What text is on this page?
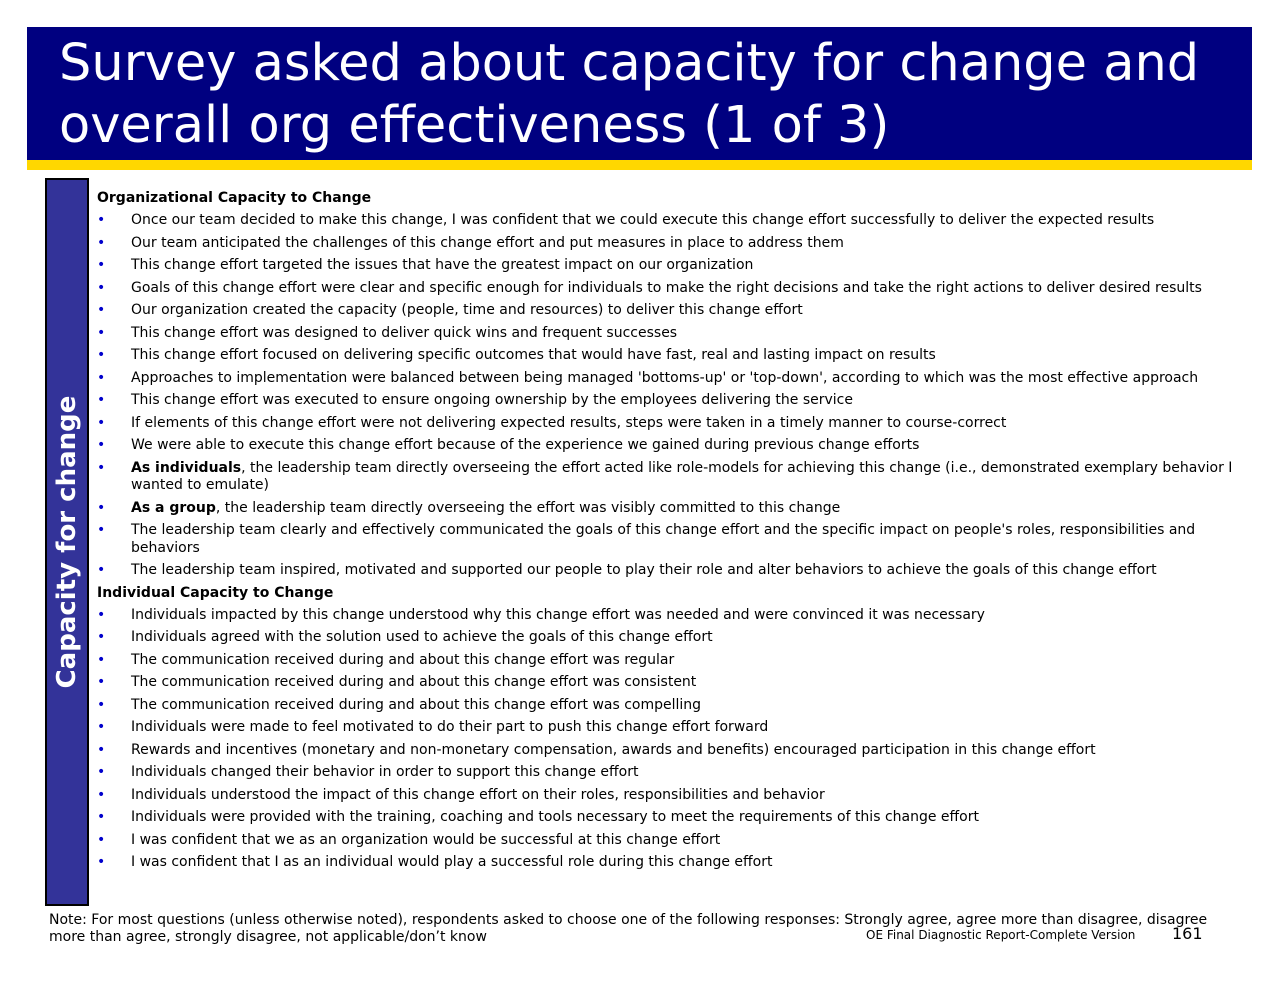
Survey asked about capacity for change and overall org effectiveness (1 of 3)
Capacity for change
Organizational Capacity to Change
• Once our team decided to make this change, I was confident that we could execute this change effort successfully to deliver the expected results
• Our team anticipated the challenges of this change effort and put measures in place to address them
• This change effort targeted the issues that have the greatest impact on our organization
• Goals of this change effort were clear and specific enough for individuals to make the right decisions and take the right actions to deliver desired results
• Our organization created the capacity (people, time and resources) to deliver this change effort
• This change effort was designed to deliver quick wins and frequent successes
• This change effort focused on delivering specific outcomes that would have fast, real and lasting impact on results
• Approaches to implementation were balanced between being managed 'bottoms-up' or 'top-down', according to which was the most effective approach
• This change effort was executed to ensure ongoing ownership by the employees delivering the service
• If elements of this change effort were not delivering expected results, steps were taken in a timely manner to course-correct
• We were able to execute this change effort because of the experience we gained during previous change efforts
• As individuals, the leadership team directly overseeing the effort acted like role-models for achieving this change (i.e., demonstrated exemplary behavior I wanted to emulate)
• As a group, the leadership team directly overseeing the effort was visibly committed to this change
• The leadership team clearly and effectively communicated the goals of this change effort and the specific impact on people's roles, responsibilities and behaviors
• The leadership team inspired, motivated and supported our people to play their role and alter behaviors to achieve the goals of this change effort
Individual Capacity to Change
• Individuals impacted by this change understood why this change effort was needed and were convinced it was necessary
• Individuals agreed with the solution used to achieve the goals of this change effort
• The communication received during and about this change effort was regular
• The communication received during and about this change effort was consistent
• The communication received during and about this change effort was compelling
• Individuals were made to feel motivated to do their part to push this change effort forward
• Rewards and incentives (monetary and non-monetary compensation, awards and benefits) encouraged participation in this change effort
• Individuals changed their behavior in order to support this change effort
• Individuals understood the impact of this change effort on their roles, responsibilities and behavior
• Individuals were provided with the training, coaching and tools necessary to meet the requirements of this change effort
• I was confident that we as an organization would be successful at this change effort
• I was confident that I as an individual would play a successful role during this change effort
Note: For most questions (unless otherwise noted), respondents asked to choose one of the following responses: Strongly agree, agree more than disagree, disagree more than agree, strongly disagree, not applicable/don’t know	OE Final Diagnostic Report-Complete Version 161
